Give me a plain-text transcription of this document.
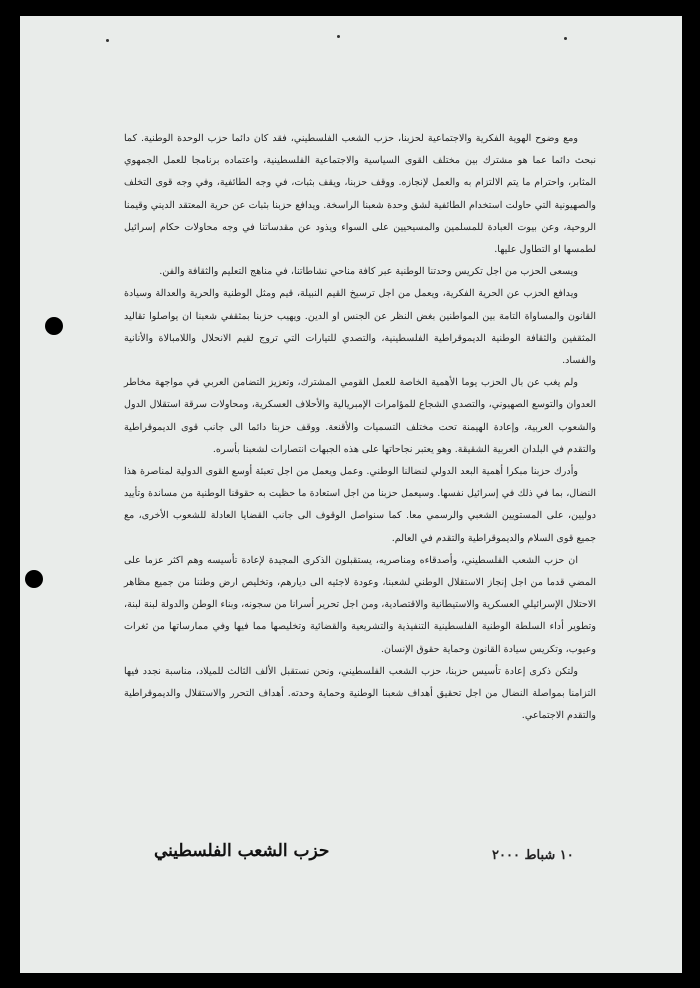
ومع وضوح الهوية الفكرية والاجتماعية لحزبنا، حزب الشعب الفلسطيني، فقد كان دائما حزب الوحدة الوطنية. كما نبحث دائما عما هو مشترك بين مختلف القوى السياسية والاجتماعية الفلسطينية، واعتماده برنامجا للعمل الجمهوي المثابر، واحترام ما يتم الالتزام به والعمل لإنجازه. ووقف حزبنا، ويقف بثبات، في وجه الطائفية، وفي وجه قوى التخلف والصهيونية التي حاولت استخدام الطائفية لشق وحدة شعبنا الراسخة. ويدافع حزبنا بثبات عن حرية المعتقد الديني وقيمنا الروحية، وعن بيوت العبادة للمسلمين والمسيحيين على السواء ويذود عن مقدساتنا في وجه محاولات حكام إسرائيل لطمسها او التطاول عليها.

ويسعى الحزب من اجل تكريس وحدتنا الوطنية عبر كافة مناحي نشاطاتنا، في مناهج التعليم والثقافة والفن.

ويدافع الحزب عن الحرية الفكرية، ويعمل من اجل ترسيخ القيم النبيلة، قيم ومثل الوطنية والحرية والعدالة وسيادة القانون والمساواة التامة بين المواطنين بغض النظر عن الجنس او الدين. ويهيب حزبنا بمثقفي شعبنا ان يواصلوا تقاليد المثقفين والثقافة الوطنية الديموقراطية الفلسطينية، والتصدي للتيارات التي تروج لقيم الانحلال واللامبالاة والأنانية والفساد.

ولم يغب عن بال الحزب يوما الأهمية الخاصة للعمل القومي المشترك، وتعزيز التضامن العربي في مواجهة مخاطر العدوان والتوسع الصهيوني، والتصدي الشجاع للمؤامرات الإمبريالية والأحلاف العسكرية، ومحاولات سرقة استقلال الدول والشعوب العربية، وإعادة الهيمنة تحت مختلف التسميات والأقنعة. ووقف حزبنا دائما الى جانب قوى الديموقراطية والتقدم في البلدان العربية الشقيقة. وهو يعتبر نجاحاتها على هذه الجبهات انتصارات لشعبنا بأسره.

وأدرك حزبنا مبكرا أهمية البعد الدولي لنضالنا الوطني. وعمل ويعمل من اجل تعبئة أوسع القوى الدولية لمناصرة هذا النضال، بما في ذلك في إسرائيل نفسها. وسيعمل حزبنا من اجل استعادة ما حظيت به حقوقنا الوطنية من مساندة وتأييد دوليين، على المستويين الشعبي والرسمي معا. كما سنواصل الوقوف الى جانب القضايا العادلة للشعوب الأخرى، مع جميع قوى السلام والديموقراطية والتقدم في العالم.

ان حزب الشعب الفلسطيني، وأصدقاءه ومناصريه، يستقبلون الذكرى المجيدة لإعادة تأسيسه وهم اكثر عزما على المضي قدما من اجل إنجاز الاستقلال الوطني لشعبنا، وعودة لاجئيه الى ديارهم، وتخليص ارض وطننا من جميع مظاهر الاحتلال الإسرائيلي العسكرية والاستيطانية والاقتصادية، ومن اجل تحرير أسرانا من سجونه، وبناء الوطن والدولة لبنة لبنة، وتطوير أداء السلطة الوطنية الفلسطينية التنفيذية والتشريعية والقضائية وتخليصها مما فيها وفي ممارساتها من ثغرات وعيوب، وتكريس سيادة القانون وحماية حقوق الإنسان.

ولتكن ذكرى إعادة تأسيس حزبنا، حزب الشعب الفلسطيني، ونحن نستقبل الألف الثالث للميلاد، مناسبة نجدد فيها التزامنا بمواصلة النضال من اجل تحقيق أهداف شعبنا الوطنية وحماية وحدته. أهداف التحرر والاستقلال والديموقراطية والتقدم الاجتماعي.

١٠ شباط ٢٠٠٠
حزب الشعب الفلسطيني
